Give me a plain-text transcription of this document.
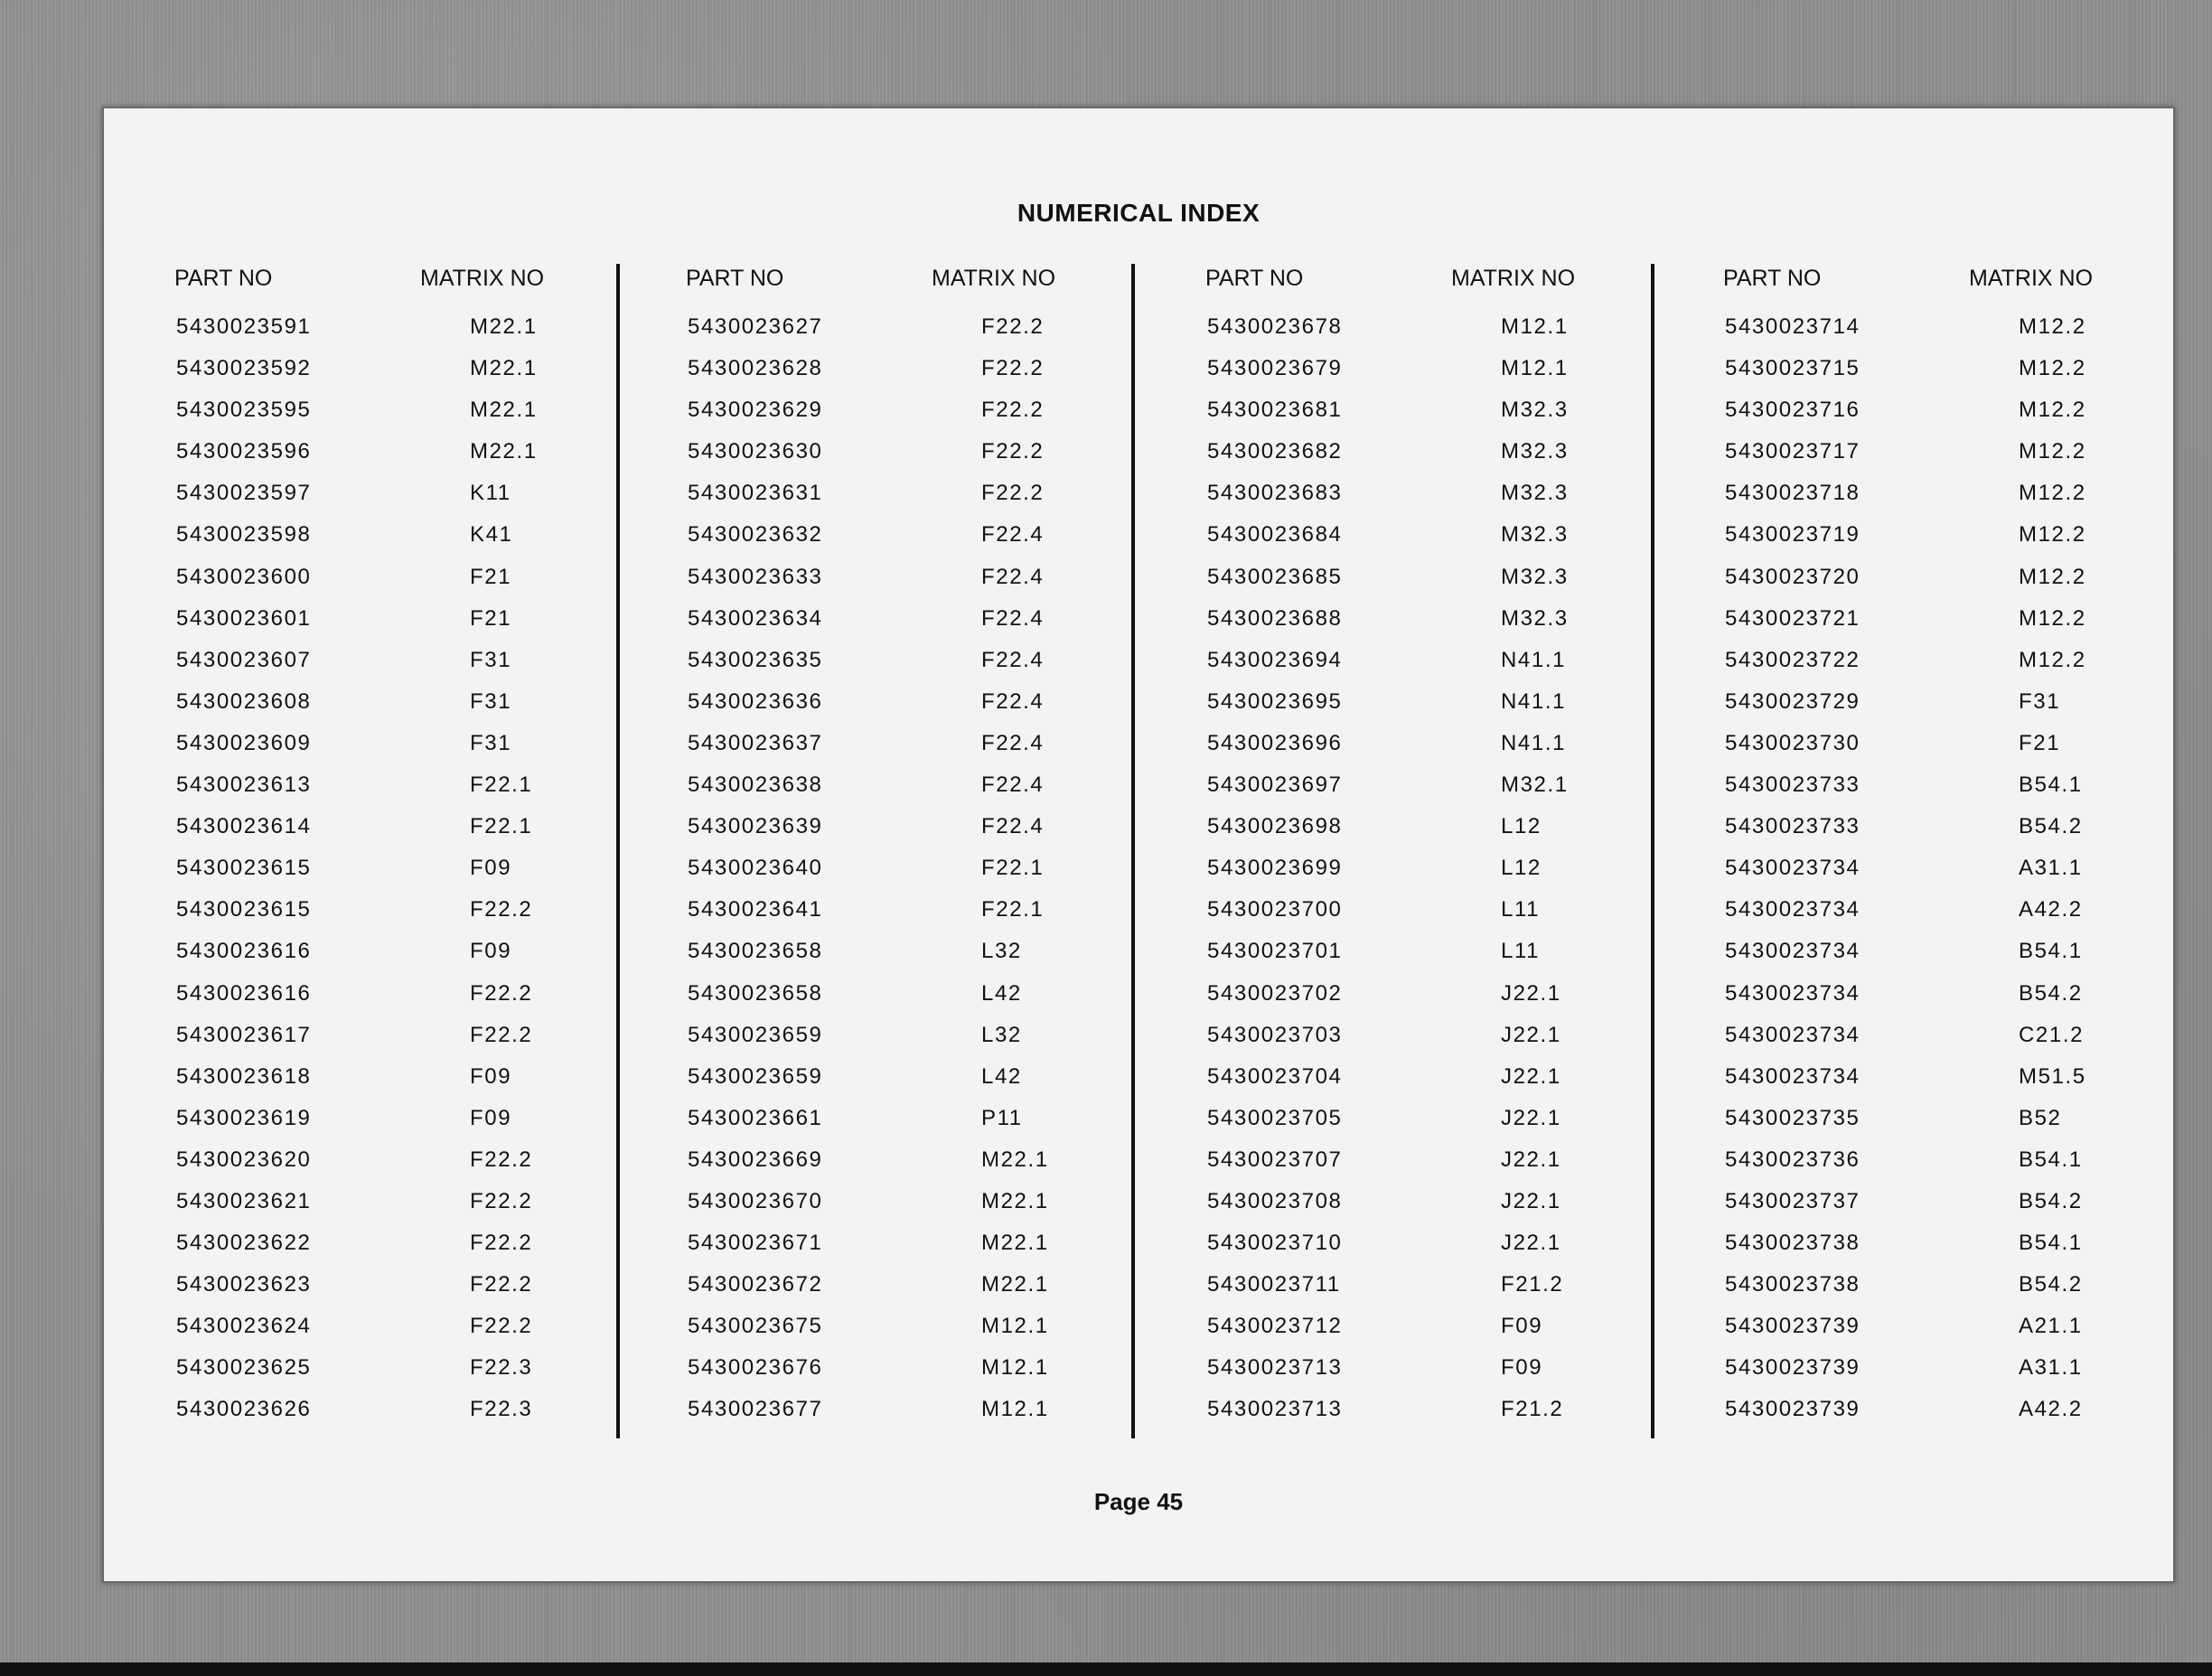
NUMERICAL INDEX
PART NO	MATRIX NO
5430023591	M22.1
5430023592	M22.1
5430023595	M22.1
5430023596	M22.1
5430023597	K11
5430023598	K41
5430023600	F21
5430023601	F21
5430023607	F31
5430023608	F31
5430023609	F31
5430023613	F22.1
5430023614	F22.1
5430023615	F09
5430023615	F22.2
5430023616	F09
5430023616	F22.2
5430023617	F22.2
5430023618	F09
5430023619	F09
5430023620	F22.2
5430023621	F22.2
5430023622	F22.2
5430023623	F22.2
5430023624	F22.2
5430023625	F22.3
5430023626	F22.3
PART NO	MATRIX NO
5430023627	F22.2
5430023628	F22.2
5430023629	F22.2
5430023630	F22.2
5430023631	F22.2
5430023632	F22.4
5430023633	F22.4
5430023634	F22.4
5430023635	F22.4
5430023636	F22.4
5430023637	F22.4
5430023638	F22.4
5430023639	F22.4
5430023640	F22.1
5430023641	F22.1
5430023658	L32
5430023658	L42
5430023659	L32
5430023659	L42
5430023661	P11
5430023669	M22.1
5430023670	M22.1
5430023671	M22.1
5430023672	M22.1
5430023675	M12.1
5430023676	M12.1
5430023677	M12.1
PART NO	MATRIX NO
5430023678	M12.1
5430023679	M12.1
5430023681	M32.3
5430023682	M32.3
5430023683	M32.3
5430023684	M32.3
5430023685	M32.3
5430023688	M32.3
5430023694	N41.1
5430023695	N41.1
5430023696	N41.1
5430023697	M32.1
5430023698	L12
5430023699	L12
5430023700	L11
5430023701	L11
5430023702	J22.1
5430023703	J22.1
5430023704	J22.1
5430023705	J22.1
5430023707	J22.1
5430023708	J22.1
5430023710	J22.1
5430023711	F21.2
5430023712	F09
5430023713	F09
5430023713	F21.2
PART NO	MATRIX NO
5430023714	M12.2
5430023715	M12.2
5430023716	M12.2
5430023717	M12.2
5430023718	M12.2
5430023719	M12.2
5430023720	M12.2
5430023721	M12.2
5430023722	M12.2
5430023729	F31
5430023730	F21
5430023733	B54.1
5430023733	B54.2
5430023734	A31.1
5430023734	A42.2
5430023734	B54.1
5430023734	B54.2
5430023734	C21.2
5430023734	M51.5
5430023735	B52
5430023736	B54.1
5430023737	B54.2
5430023738	B54.1
5430023738	B54.2
5430023739	A21.1
5430023739	A31.1
5430023739	A42.2
Page 45
